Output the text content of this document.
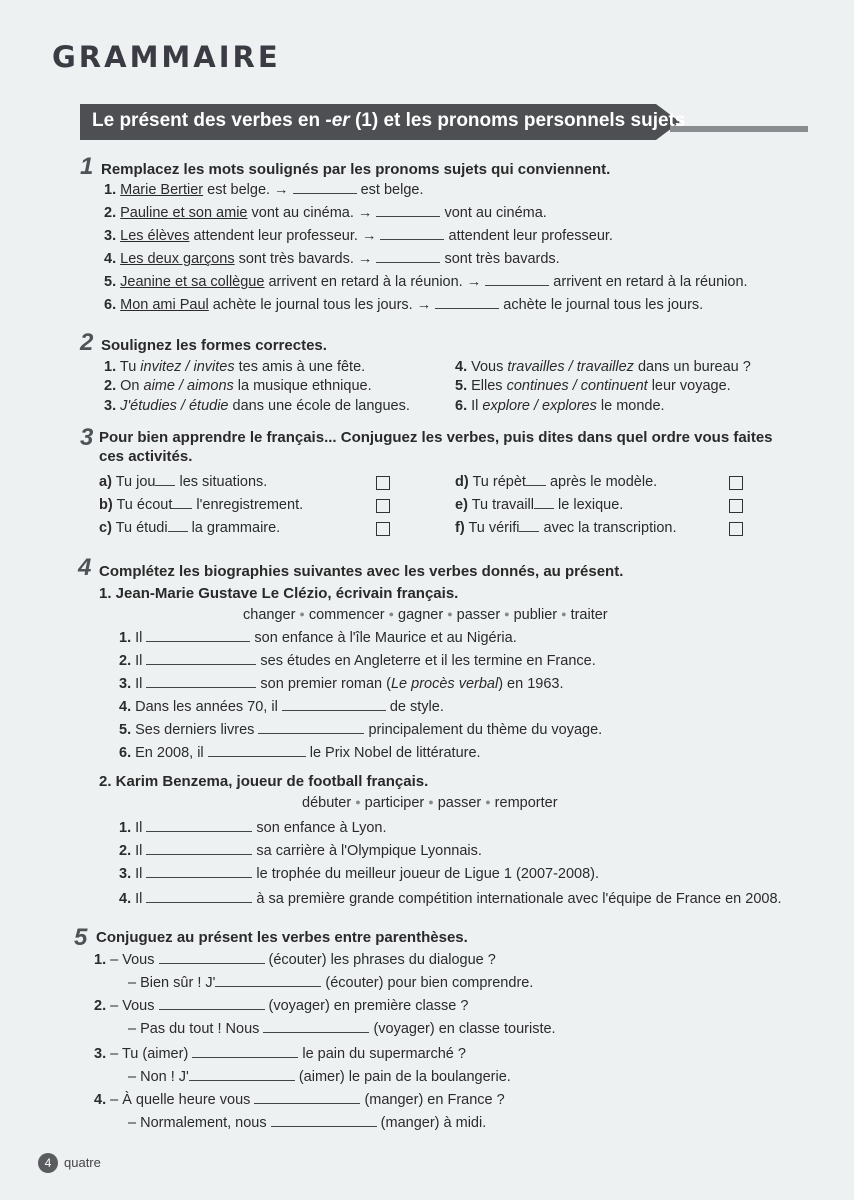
GRAMMAIRE
Le présent des verbes en -er (1) et les pronoms personnels sujets
1 Remplacez les mots soulignés par les pronoms sujets qui conviennent.
2 Soulignez les formes correctes.
3 Pour bien apprendre le français... Conjuguez les verbes, puis dites dans quel ordre vous faites
ces activités.
4 Complétez les biographies suivantes avec les verbes donnés, au présent.
1. Jean-Marie Gustave Le Clézio, écrivain français.
changer ● commencer ● gagner ● passer ● publier ● traiter
2. Karim Benzema, joueur de football français.
débuter ● participer ● passer ● remporter
5 Conjuguez au présent les verbes entre parenthèses.
4 quatre
1. Marie Bertier est belge. →	est belge.
2. Pauline et son amie vont au cinéma. →	vont au cinéma.
3. Les élèves attendent leur professeur. →	attendent leur professeur.
4. Les deux garçons sont très bavards. →	sont très bavards.
5. Jeanine et sa collègue arrivent en retard à la réunion. →	arrivent en retard à la réunion.
6. Mon ami Paul achète le journal tous les jours. →	achète le journal tous les jours.
1. Tu invitez / invites tes amis à une fête.
2. On aime / aimons la musique ethnique.
3. J'étudies / étudie dans une école de langues.
4. Vous travailles / travaillez dans un bureau ?
5. Elles continues / continuent leur voyage.
6. Il explore / explores le monde.
a) Tu jou les situations.
b) Tu écout l'enregistrement.
c) Tu étudi la grammaire.
d) Tu répèt après le modèle.
e) Tu travaill le lexique.
f) Tu vérifi avec la transcription.
1. Il	son enfance à l'île Maurice et au Nigéria.
2. Il	ses études en Angleterre et il les termine en France.
3. Il	son premier roman (Le procès verbal) en 1963.
4. Dans les années 70, il	de style.
5. Ses derniers livres	principalement du thème du voyage.
6. En 2008, il	le Prix Nobel de littérature.
1. Il	son enfance à Lyon.
2. Il	sa carrière à l'Olympique Lyonnais.
3. Il	le trophée du meilleur joueur de Ligue 1 (2007-2008).
4. Il	à sa première grande compétition internationale avec l'équipe de France en 2008.
1. – Vous	(écouter) les phrases du dialogue ?
– Bien sûr ! J'	(écouter) pour bien comprendre.
2. – Vous	(voyager) en première classe ?
– Pas du tout ! Nous	(voyager) en classe touriste.
3. – Tu (aimer)	le pain du supermarché ?
– Non ! J'	(aimer) le pain de la boulangerie.
4. – À quelle heure vous	(manger) en France ?
– Normalement, nous	(manger) à midi.
